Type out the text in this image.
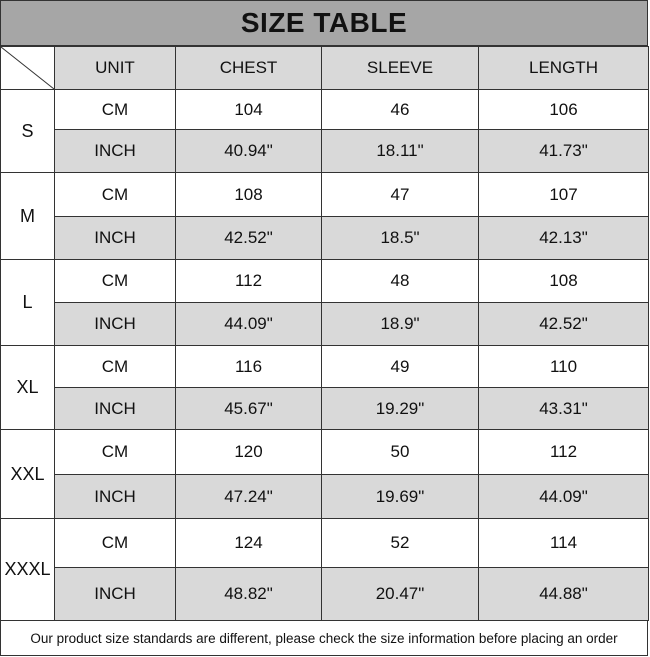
SIZE TABLE
	UNIT	CHEST	SLEEVE	LENGTH
S	CM	104	46	106
	INCH	40.94"	18.11"	41.73"
M	CM	108	47	107
	INCH	42.52"	18.5"	42.13"
L	CM	112	48	108
	INCH	44.09"	18.9"	42.52"
XL	CM	116	49	110
	INCH	45.67"	19.29"	43.31"
XXL	CM	120	50	112
	INCH	47.24"	19.69"	44.09"
XXXL	CM	124	52	114
	INCH	48.82"	20.47"	44.88"
Our product size standards are different, please check the size information before placing an order
